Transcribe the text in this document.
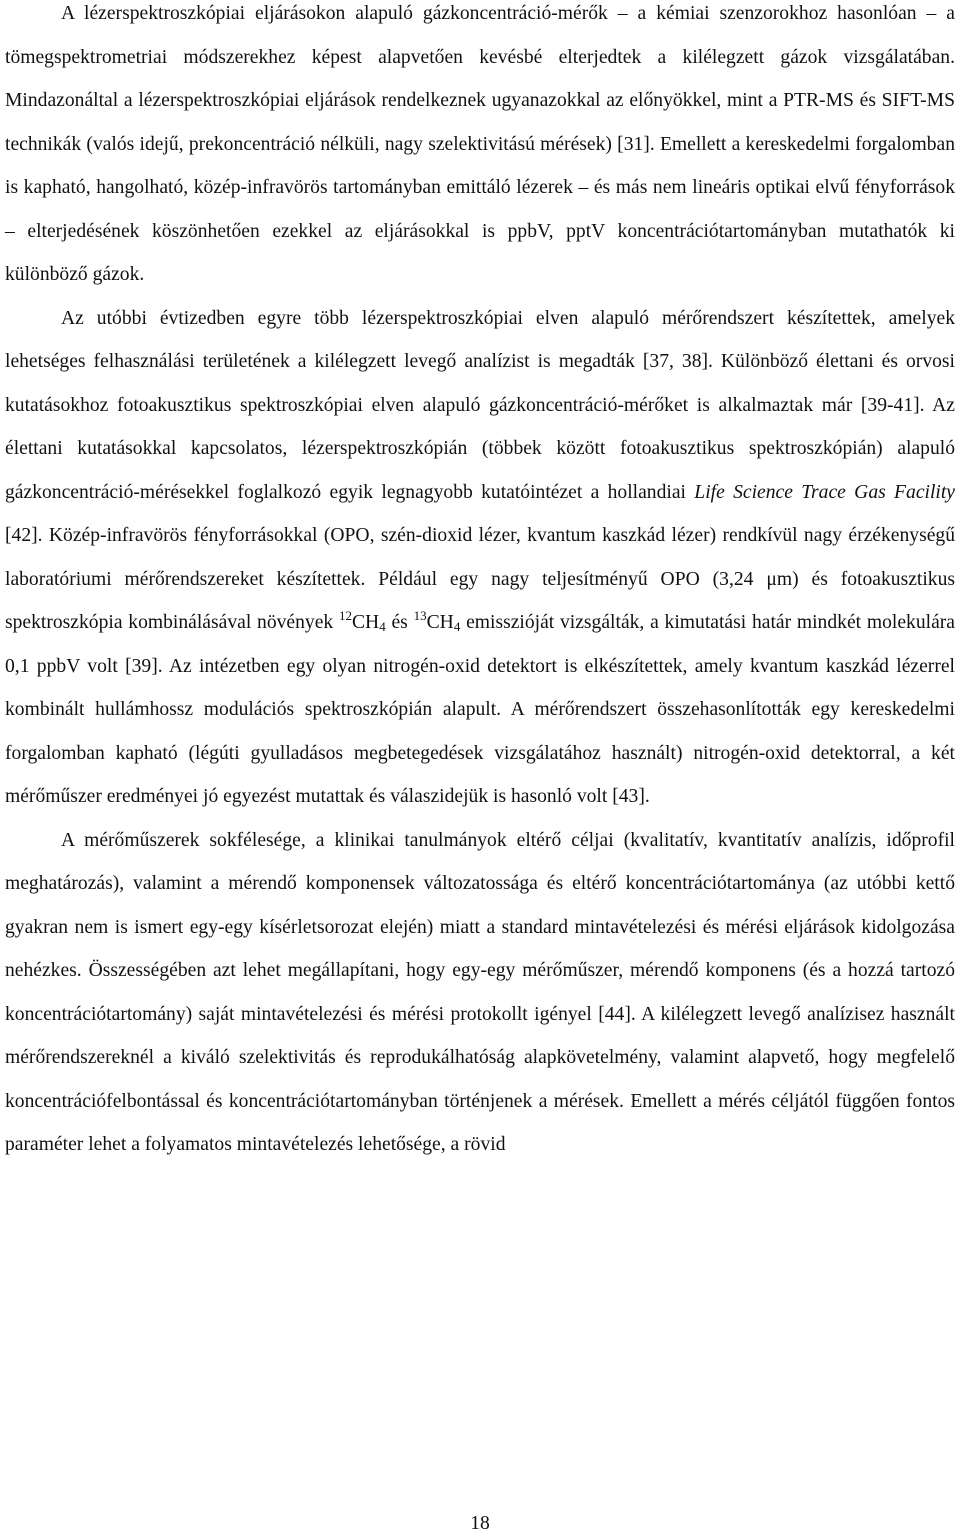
A lézerspektroszkópiai eljárásokon alapuló gázkoncentráció-mérők – a kémiai szenzorokhoz hasonlóan – a tömegspektrometriai módszerekhez képest alapvetően kevésbé elterjedtek a kilélegzett gázok vizsgálatában. Mindazonáltal a lézerspektroszkópiai eljárások rendelkeznek ugyanazokkal az előnyökkel, mint a PTR-MS és SIFT-MS technikák (valós idejű, prekoncentráció nélküli, nagy szelektivitású mérések) [31]. Emellett a kereskedelmi forgalomban is kapható, hangolható, közép-infravörös tartományban emittáló lézerek – és más nem lineáris optikai elvű fényforrások – elterjedésének köszönhetően ezekkel az eljárásokkal is ppbV, pptV koncentrációtartományban mutathatók ki különböző gázok.

Az utóbbi évtizedben egyre több lézerspektroszkópiai elven alapuló mérőrendszert készítettek, amelyek lehetséges felhasználási területének a kilélegzett levegő analízist is megadták [37, 38]. Különböző élettani és orvosi kutatásokhoz fotoakusztikus spektroszkópiai elven alapuló gázkoncentráció-mérőket is alkalmaztak már [39-41]. Az élettani kutatásokkal kapcsolatos, lézerspektroszkópián (többek között fotoakusztikus spektroszkópián) alapuló gázkoncentráció-mérésekkel foglalkozó egyik legnagyobb kutatóintézet a hollandiai Life Science Trace Gas Facility [42]. Közép-infravörös fényforrásokkal (OPO, szén-dioxid lézer, kvantum kaszkád lézer) rendkívül nagy érzékenységű laboratóriumi mérőrendszereket készítettek. Például egy nagy teljesítményű OPO (3,24 μm) és fotoakusztikus spektroszkópia kombinálásával növények $^{12}CH_4$ és $^{13}CH_4$ emisszióját vizsgálták, a kimutatási határ mindkét molekulára 0,1 ppbV volt [39]. Az intézetben egy olyan nitrogén-oxid detektort is elkészítettek, amely kvantum kaszkád lézerrel kombinált hullámhossz modulációs spektroszkópián alapult. A mérőrendszert összehasonlították egy kereskedelmi forgalomban kapható (légúti gyulladásos megbetegedések vizsgálatához használt) nitrogén-oxid detektorral, a két mérőműszer eredményei jó egyezést mutattak és válaszidejük is hasonló volt [43].

A mérőműszerek sokfélesége, a klinikai tanulmányok eltérő céljai (kvalitatív, kvantitatív analízis, időprofil meghatározás), valamint a mérendő komponensek változatossága és eltérő koncentrációtartománya (az utóbbi kettő gyakran nem is ismert egy-egy kísérletsorozat elején) miatt a standard mintavételezési és mérési eljárások kidolgozása nehézkes. Összességében azt lehet megállapítani, hogy egy-egy mérőműszer, mérendő komponens (és a hozzá tartozó koncentrációtartomány) saját mintavételezési és mérési protokollt igényel [44]. A kilélegzett levegő analízisez használt mérőrendszereknél a kiváló szelektivitás és reprodukálhatóság alapkövetelmény, valamint alapvető, hogy megfelelő koncentrációfelbontással és koncentrációtartományban történjenek a mérések. Emellett a mérés céljától függően fontos paraméter lehet a folyamatos mintavételezés lehetősége, a rövid

18
